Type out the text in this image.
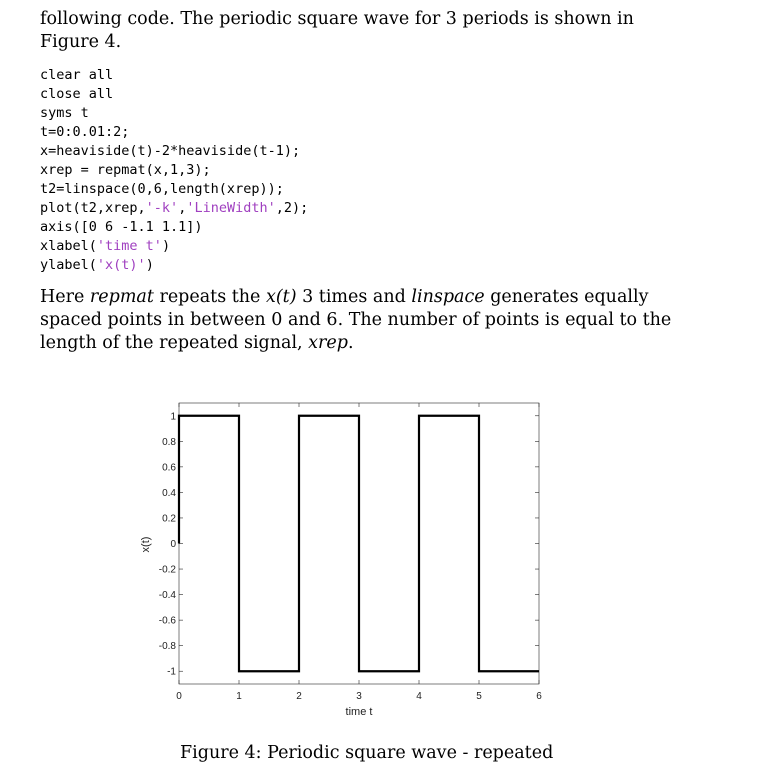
following code. The periodic square wave for 3 periods is shown in Figure 4.

clear all
close all
syms t
t=0:0.01:2;
x=heaviside(t)-2*heaviside(t-1);
xrep = repmat(x,1,3);
t2=linspace(0,6,length(xrep));
plot(t2,xrep,'-k','LineWidth',2);
axis([0 6 -1.1 1.1])
xlabel('time t')
ylabel('x(t)')

Here repmat repeats the x(t) 3 times and linspace generates equally spaced points in between 0 and 6. The number of points is equal to the length of the repeated signal, xrep.

0	1	2	3	4	5	6
-1
-0.8
-0.6
-0.4
-0.2
0
0.2
0.4
0.6
0.8
1
time t
x(t)

Figure 4: Periodic square wave - repeated
